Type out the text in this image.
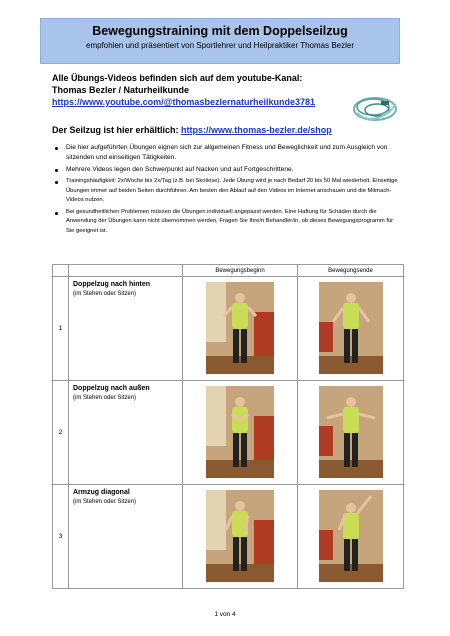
Bewegungstraining mit dem Doppelseilzug
empfohlen und präsentiert von Sportlehrer und Heilpraktiker Thomas Bezler
Alle Übungs-Videos befinden sich auf dem youtube-Kanal:
Thomas Bezler / Naturheilkunde
https://www.youtube.com/@thomasbezlernaturheilkunde3781
Der Seilzug ist hier erhältlich: https://www.thomas-bezler.de/shop
Die hier aufgeführten Übungen eignen sich zur allgemeinen Fitness und Beweglichkeit und zum Ausgleich von sitzenden und einseitigen Tätigkeiten.
Mehrere Videos legen den Schwerpunkt auf Nacken und auf Fortgeschrittene.
Trainingshäufigkeit: 2x/Woche bis 2x/Tag (z.B. bei Skoliose). Jede Übung wird je nach Bedarf 20 bis 50 Mal wiederholt. Einseitige Übungen immer auf beiden Seiten durchführen. Am besten den Ablauf auf den Videos im Internet anschauen und die Mitmach-Videos nutzen.
Bei gesundheitlichen Problemen müssen die Übungen individuell angepasst werden. Eine Haftung für Schäden durch die Anwendung der Übungen kann nicht übernommen werden. Fragen Sie Ihre/n Behandler/in, ob dieses Bewegungsprogramm für Sie geeignet ist.
		Bewegungsbeginn	Bewegungsende
1	Doppelzug nach hinten
(im Stehen oder Sitzen)

2	Doppelzug nach außen
(im Stehen oder Sitzen)

3	Armzug diagonal
(im Stehen oder Sitzen)

1 von 4
